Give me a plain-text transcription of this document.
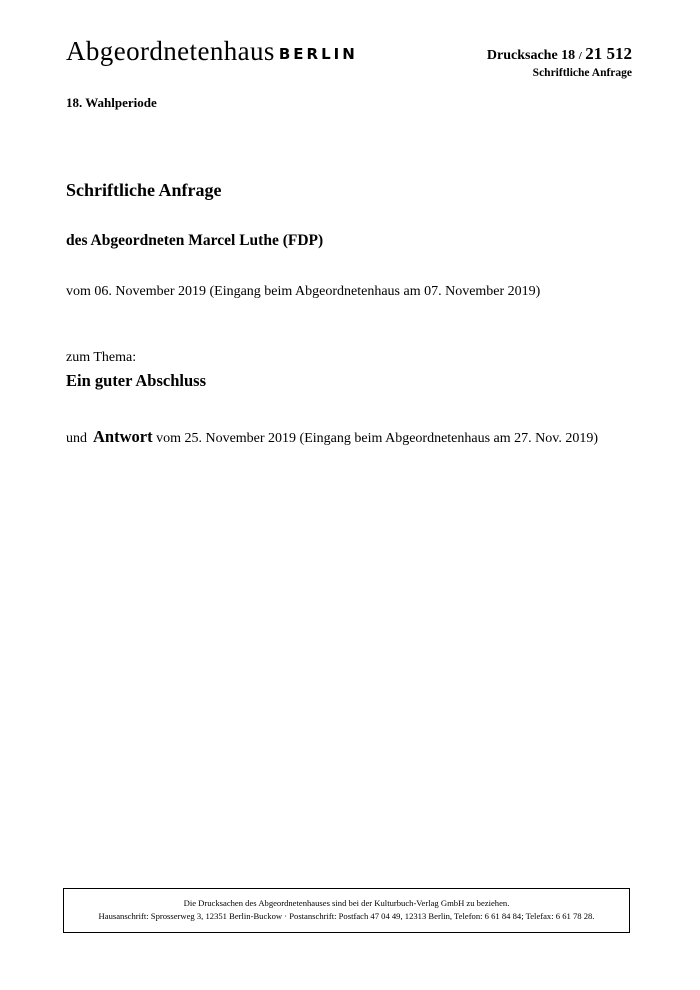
Abgeordnetenhaus BERLIN	Drucksache 18 / 21 512
Schriftliche Anfrage
18. Wahlperiode
Schriftliche Anfrage
des Abgeordneten Marcel Luthe (FDP)
vom 06. November 2019 (Eingang beim Abgeordnetenhaus am 07. November 2019)
zum Thema:
Ein guter Abschluss
und Antwort vom 25. November 2019 (Eingang beim Abgeordnetenhaus am 27. Nov. 2019)
Die Drucksachen des Abgeordnetenhauses sind bei der Kulturbuch-Verlag GmbH zu beziehen.
Hausanschrift: Sprosserweg 3, 12351 Berlin-Buckow · Postanschrift: Postfach 47 04 49, 12313 Berlin, Telefon: 6 61 84 84; Telefax: 6 61 78 28.
